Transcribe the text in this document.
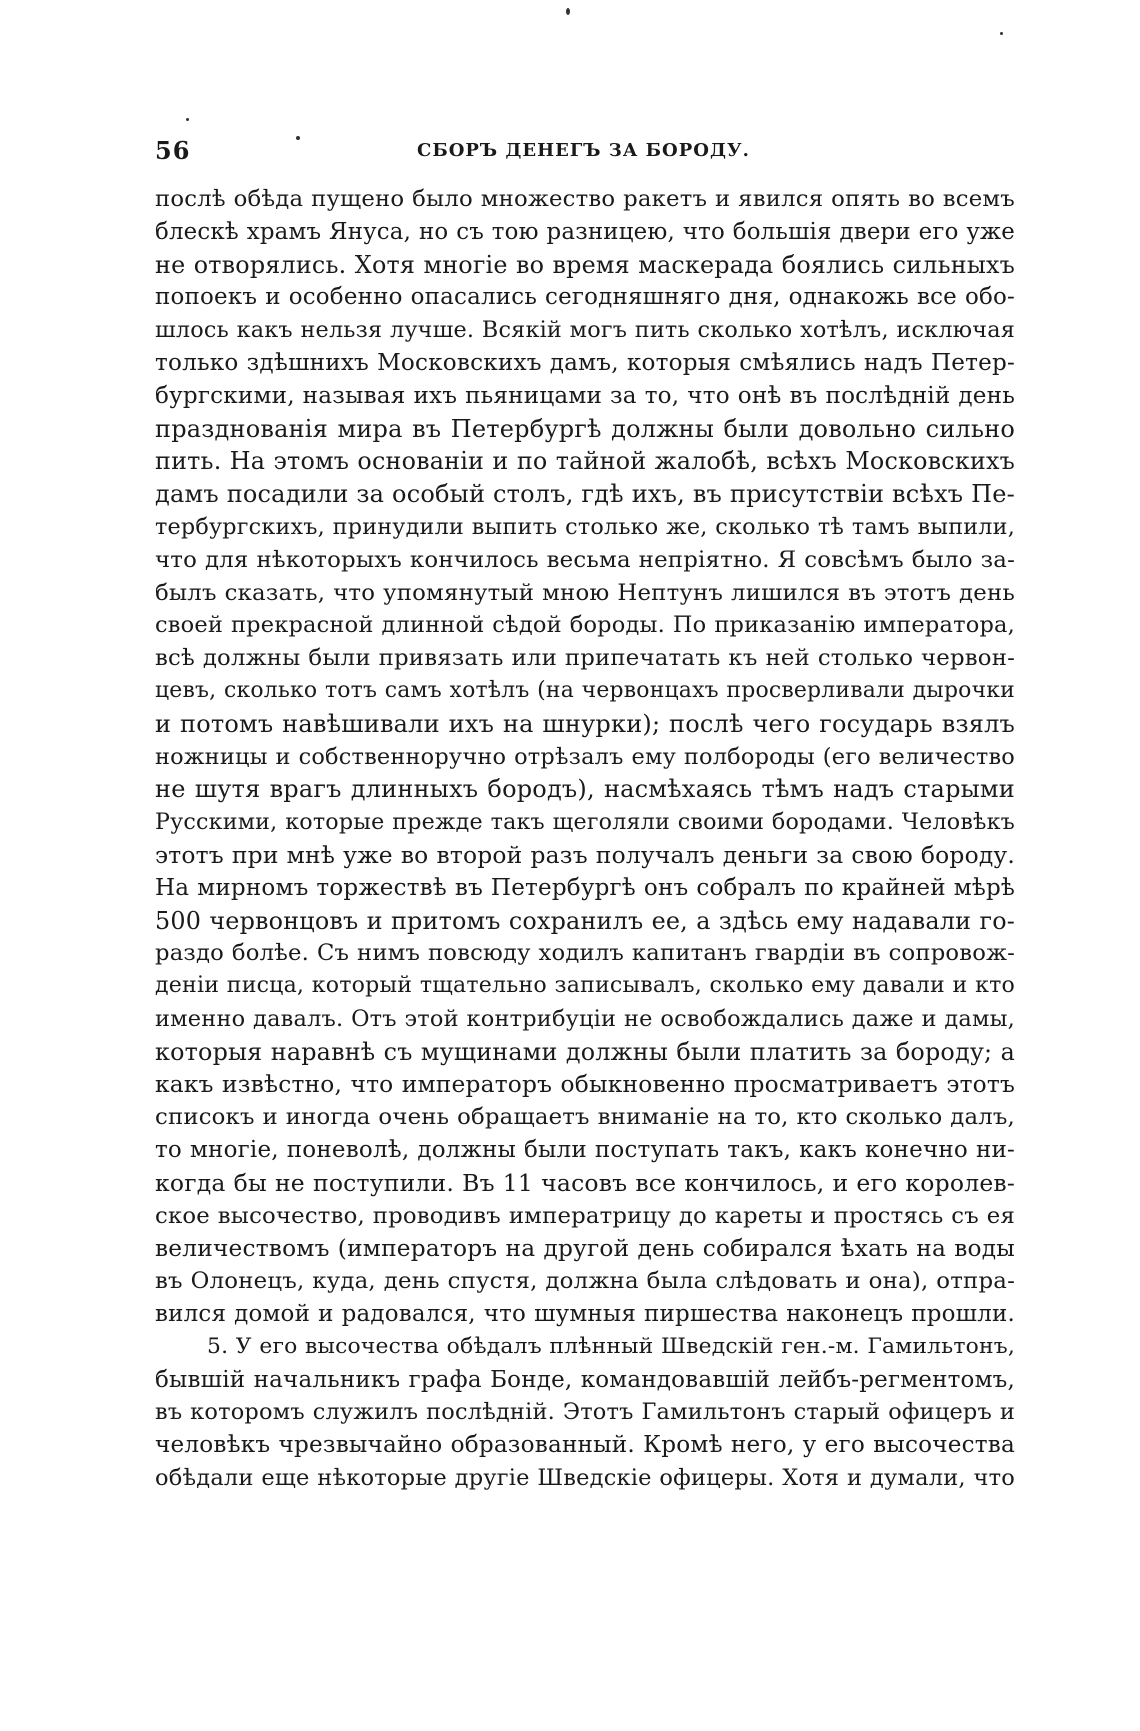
56	СБОРЪ ДЕНЕГЪ ЗА БОРОДУ.
послѣ обѣда пущено было множество ракетъ и явился опять во всемъ
блескѣ храмъ Януса, но съ тою разницею, что большія двери его уже
не отворялись. Хотя многіе во время маскерада боялись сильныхъ
попоекъ и особенно опасались сегодняшняго дня, однакожь все обо-
шлось какъ нельзя лучше. Всякій могъ пить сколько хотѣлъ, исключая
только здѣшнихъ Московскихъ дамъ, которыя смѣялись надъ Петер-
бургскими, называя ихъ пьяницами за то, что онѣ въ послѣдній день
празднованія мира въ Петербургѣ должны были довольно сильно
пить. На этомъ основаніи и по тайной жалобѣ, всѣхъ Московскихъ
дамъ посадили за особый столъ, гдѣ ихъ, въ присутствіи всѣхъ Пе-
тербургскихъ, принудили выпить столько же, сколько тѣ тамъ выпили,
что для нѣкоторыхъ кончилось весьма непріятно. Я совсѣмъ было за-
былъ сказать, что упомянутый мною Нептунъ лишился въ этотъ день
своей прекрасной длинной сѣдой бороды. По приказанію императора,
всѣ должны были привязать или припечатать къ ней столько червон-
цевъ, сколько тотъ самъ хотѣлъ (на червонцахъ просверливали дырочки
и потомъ навѣшивали ихъ на шнурки); послѣ чего государь взялъ
ножницы и собственноручно отрѣзалъ ему полбороды (его величество
не шутя врагъ длинныхъ бородъ), насмѣхаясь тѣмъ надъ старыми
Русскими, которые прежде такъ щеголяли своими бородами. Человѣкъ
этотъ при мнѣ уже во второй разъ получалъ деньги за свою бороду.
На мирномъ торжествѣ въ Петербургѣ онъ собралъ по крайней мѣрѣ
500 червонцовъ и притомъ сохранилъ ее, а здѣсь ему надавали го-
раздо болѣе. Съ нимъ повсюду ходилъ капитанъ гвардіи въ сопровож-
деніи писца, который тщательно записывалъ, сколько ему давали и кто
именно давалъ. Отъ этой контрибуціи не освобождались даже и дамы,
которыя наравнѣ съ мущинами должны были платить за бороду; а
какъ извѣстно, что императоръ обыкновенно просматриваетъ этотъ
списокъ и иногда очень обращаетъ вниманіе на то, кто сколько далъ,
то многіе, поневолѣ, должны были поступать такъ, какъ конечно ни-
когда бы не поступили. Въ 11 часовъ все кончилось, и его королев-
ское высочество, проводивъ императрицу до кареты и простясь съ ея
величествомъ (императоръ на другой день собирался ѣхать на воды
въ Олонецъ, куда, день спустя, должна была слѣдовать и она), отпра-
вился домой и радовался, что шумныя пиршества наконецъ прошли.
5. У его высочества обѣдалъ плѣнный Шведскій ген.-м. Гамильтонъ,
бывшій начальникъ графа Бонде, командовавшій лейбъ-регментомъ,
въ которомъ служилъ послѣдній. Этотъ Гамильтонъ старый офицеръ и
человѣкъ чрезвычайно образованный. Кромѣ него, у его высочества
обѣдали еще нѣкоторые другіе Шведскіе офицеры. Хотя и думали, что
